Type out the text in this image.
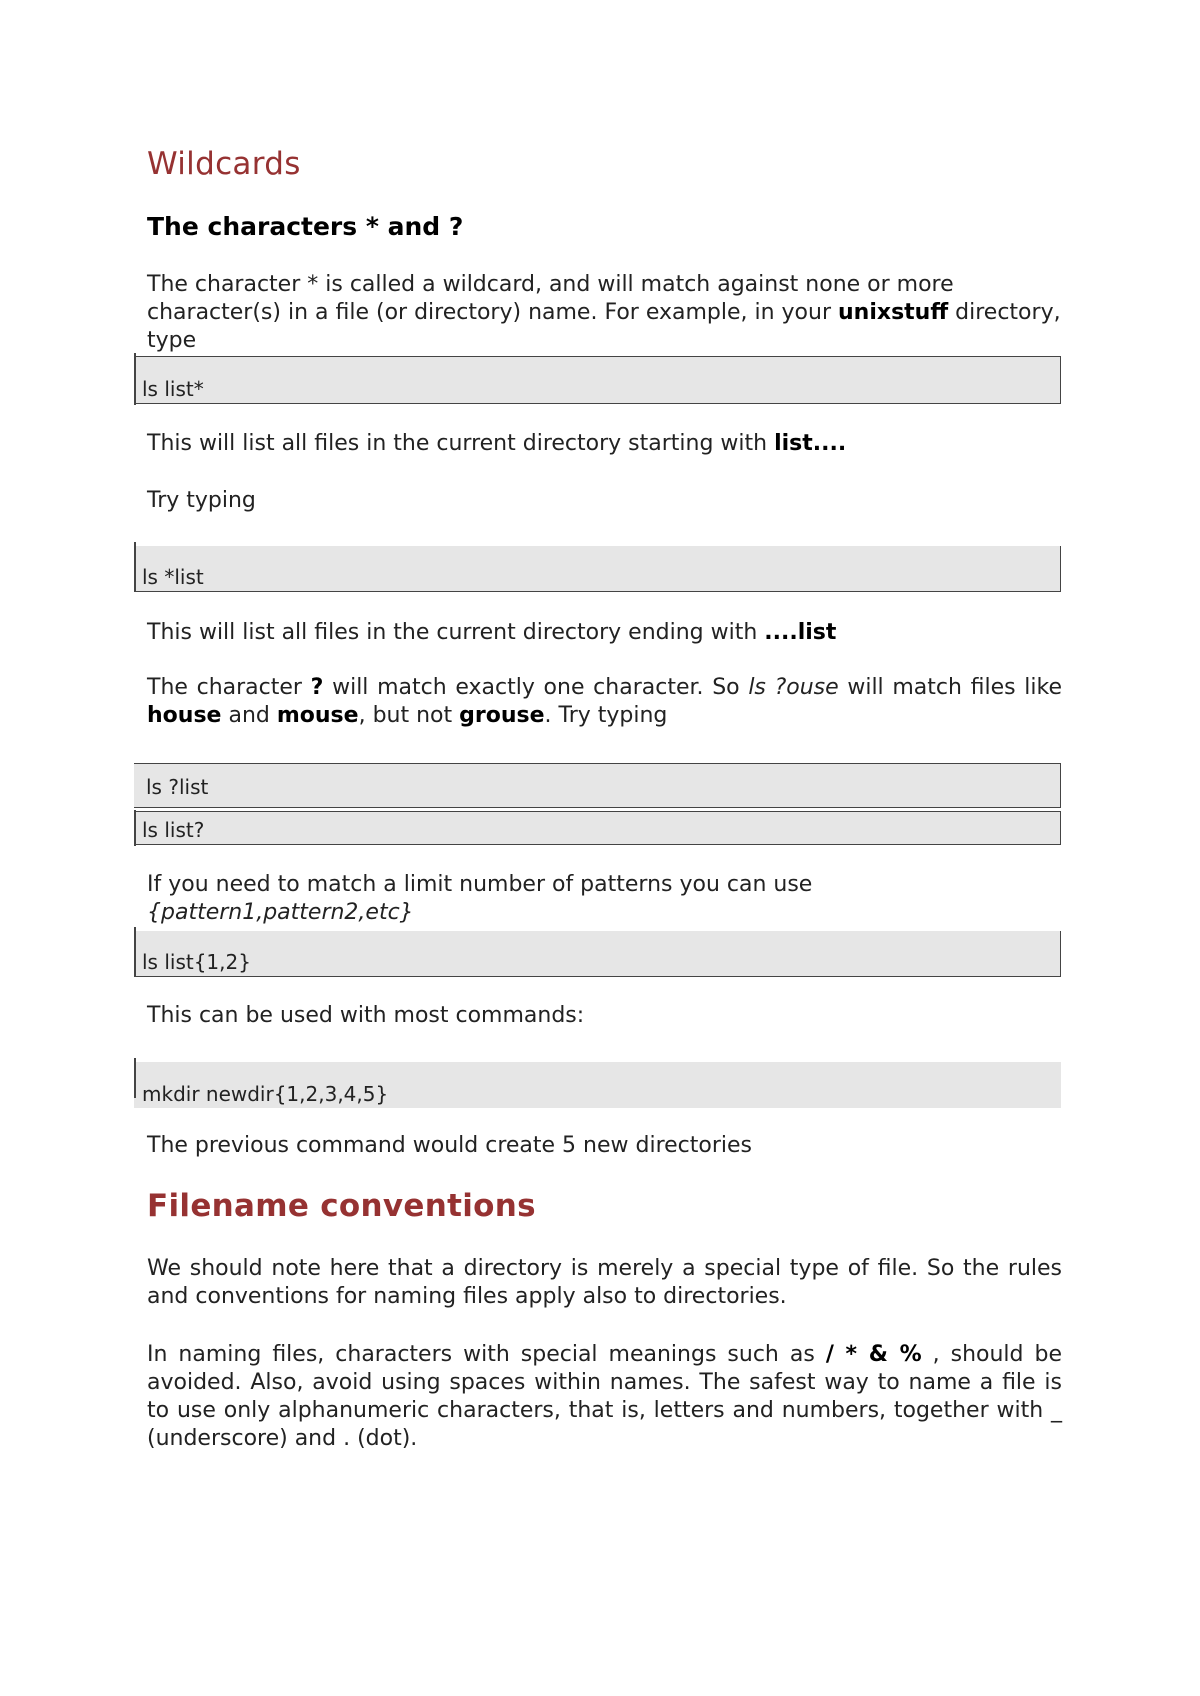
Wildcards
The characters * and ?

The character * is called a wildcard, and will match against none or more character(s) in a file (or directory) name. For example, in your unixstuff directory, type

This will list all files in the current directory starting with list....

Try typing

This will list all files in the current directory ending with ....list

The character ? will match exactly one character. So ls ?ouse will match files like house and mouse, but not grouse. Try typing

If you need to match a limit number of patterns you can use {pattern1,pattern2,etc}

This can be used with most commands:

The previous command would create 5 new directories

Filename conventions

We should note here that a directory is merely a special type of file. So the rules and conventions for naming files apply also to directories.

In naming files, characters with special meanings such as / * & % , should be avoided. Also, avoid using spaces within names. The safest way to name a file is to use only alphanumeric characters, that is, letters and numbers, together with _ (underscore) and . (dot).

ls list*
ls *list
ls ?list
ls list?
ls list{1,2}
mkdir newdir{1,2,3,4,5}
